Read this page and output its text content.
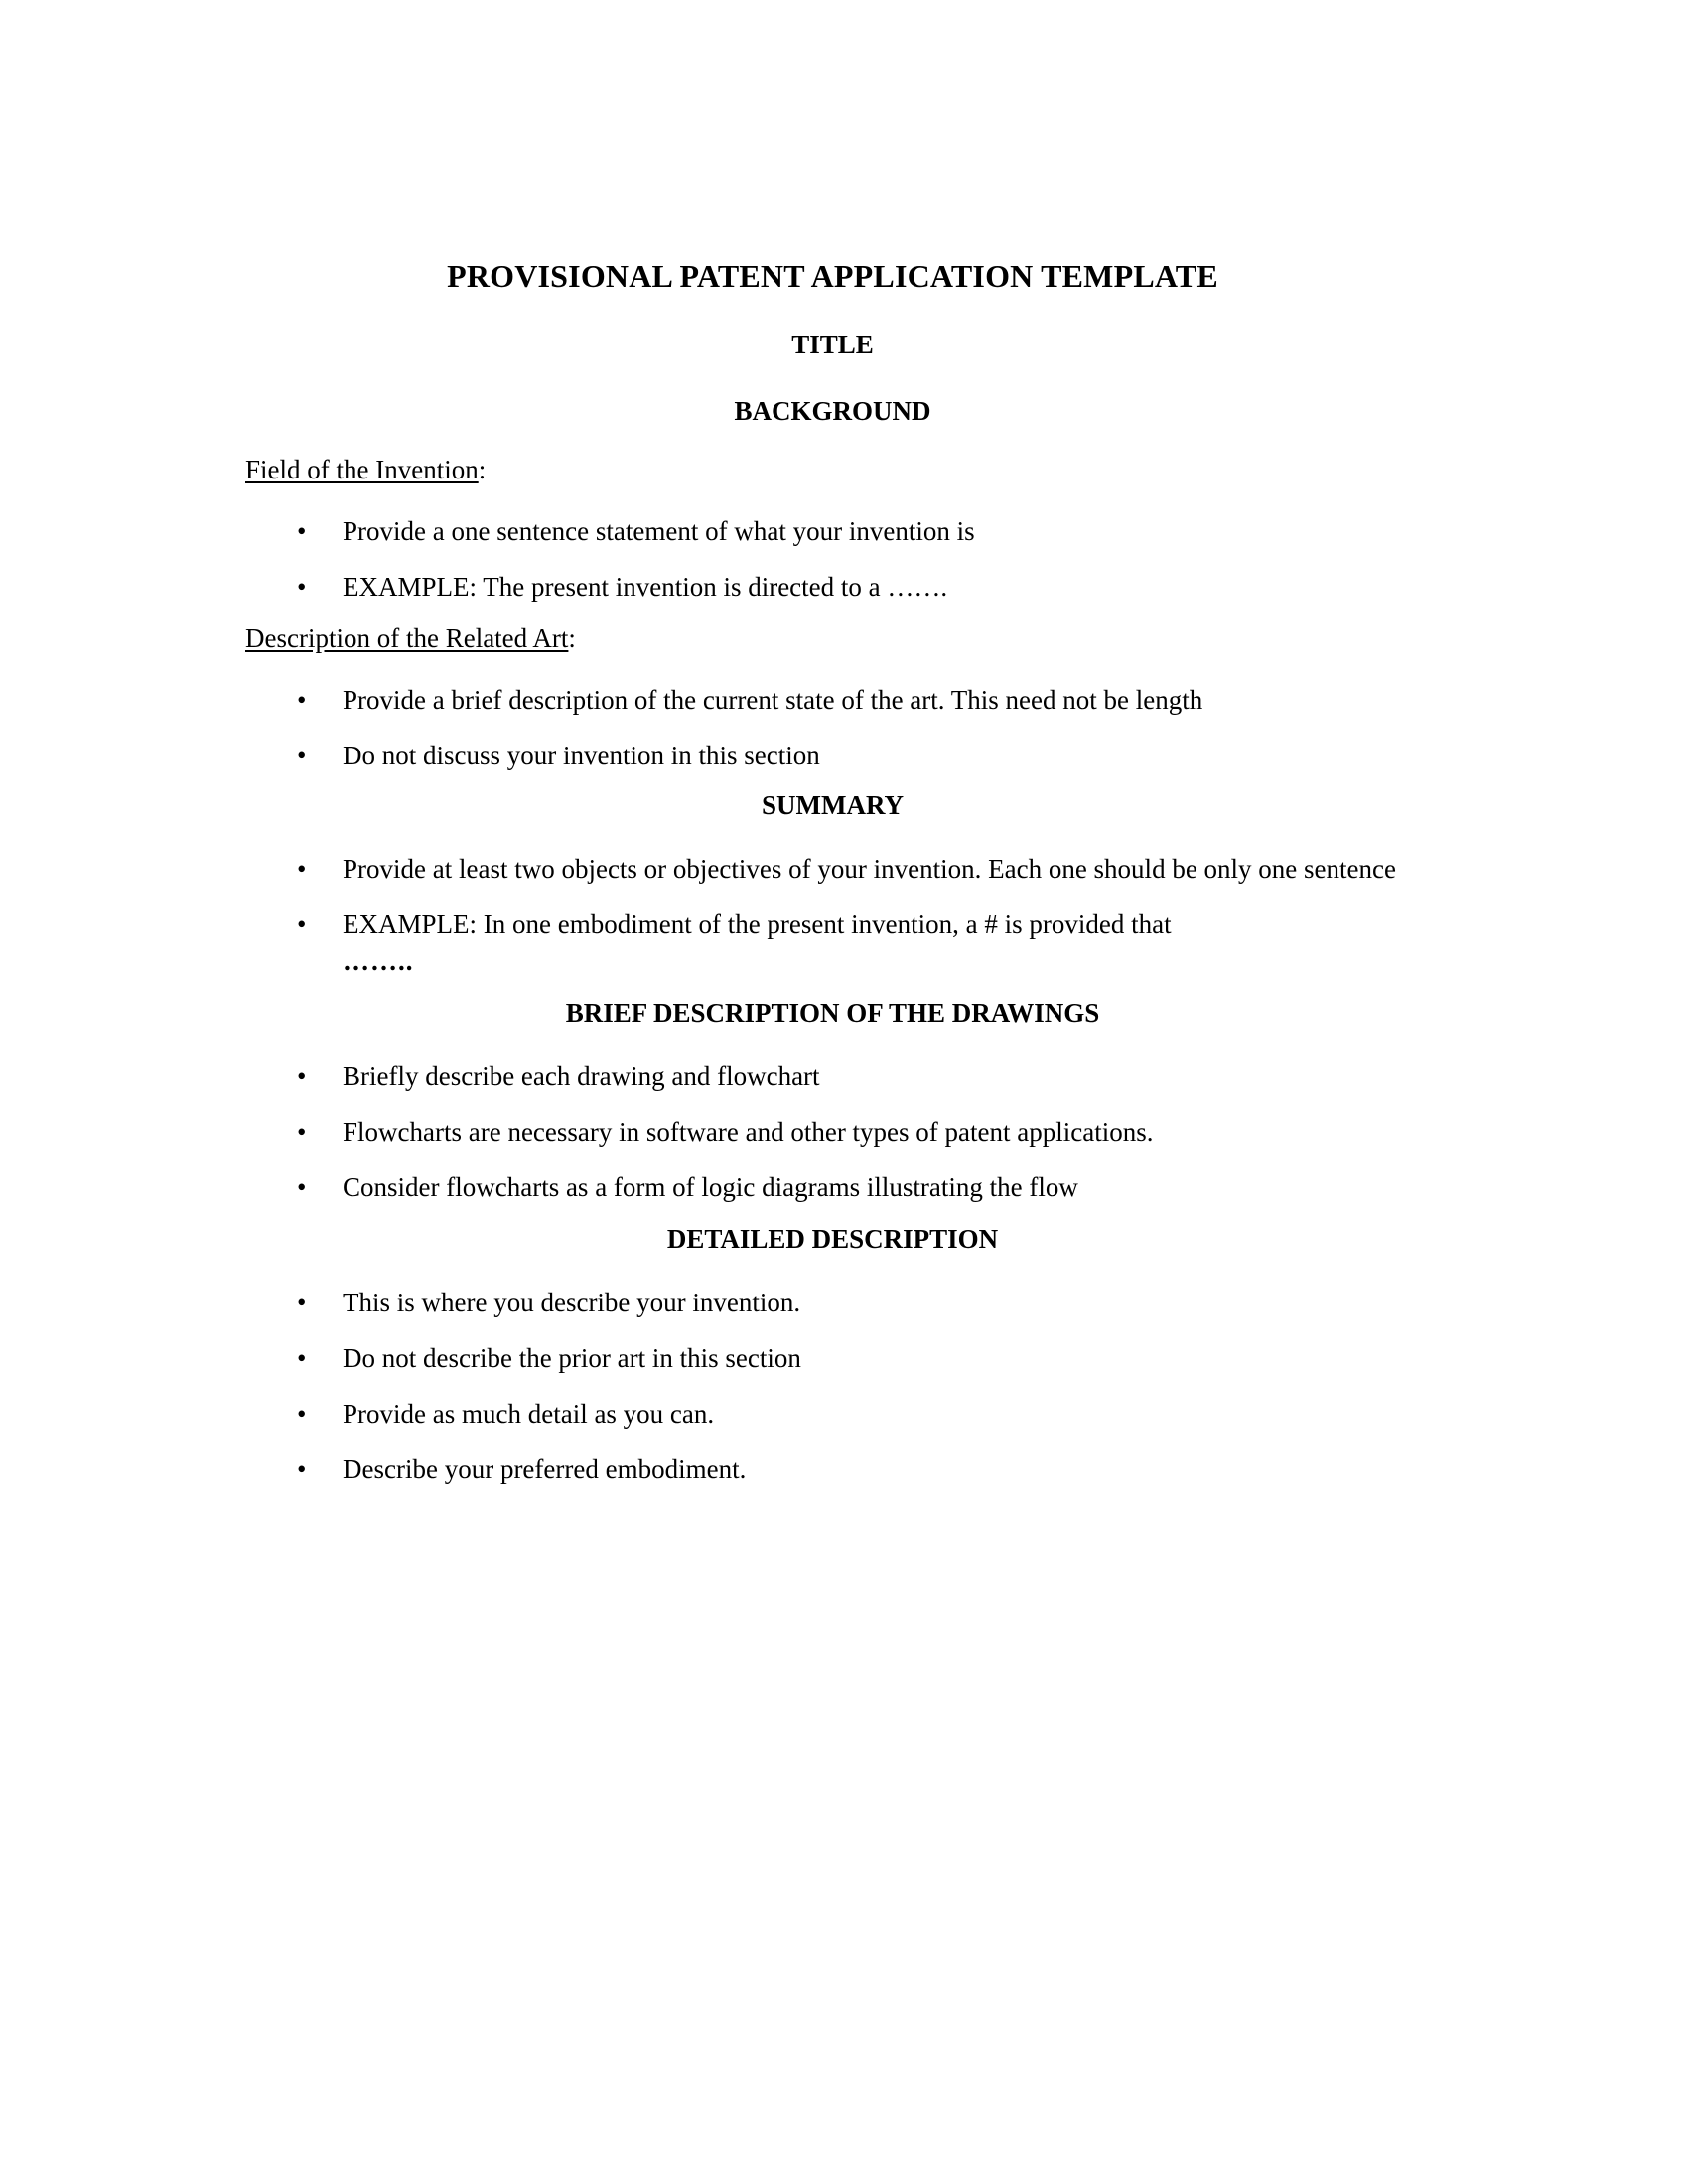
PROVISIONAL PATENT APPLICATION TEMPLATE
TITLE
BACKGROUND
Field of the Invention:
• Provide a one sentence statement of what your invention is
• EXAMPLE: The present invention is directed to a …….
Description of the Related Art:
• Provide a brief description of the current state of the art. This need not be length
• Do not discuss your invention in this section
SUMMARY
• Provide at least two objects or objectives of your invention. Each one should be only one sentence
• EXAMPLE: In one embodiment of the present invention, a # is provided that
……..
BRIEF DESCRIPTION OF THE DRAWINGS
• Briefly describe each drawing and flowchart
• Flowcharts are necessary in software and other types of patent applications.
• Consider flowcharts as a form of logic diagrams illustrating the flow
DETAILED DESCRIPTION
• This is where you describe your invention.
• Do not describe the prior art in this section
• Provide as much detail as you can.
• Describe your preferred embodiment.
